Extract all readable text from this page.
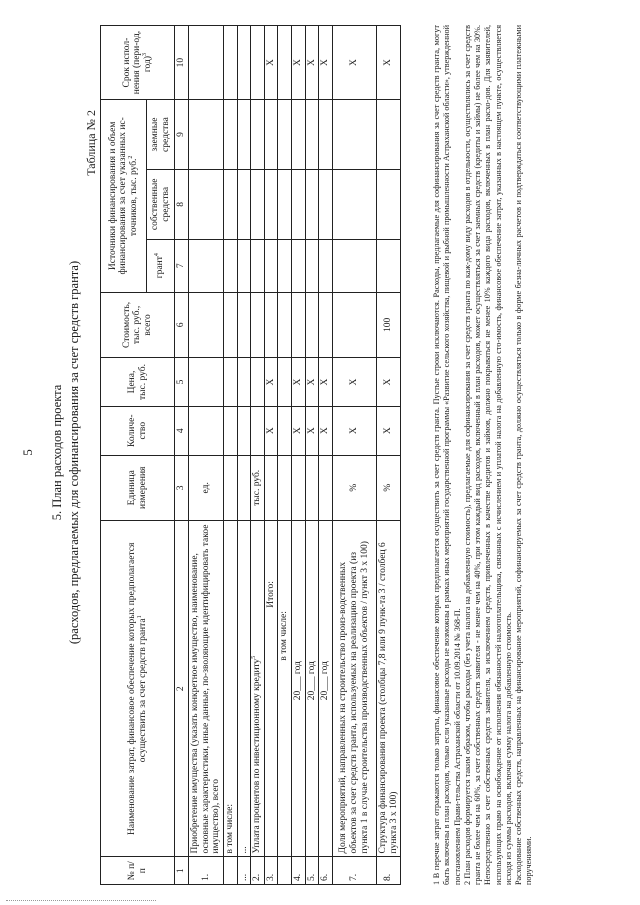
5 5. План расходов проекта (расходов, предлагаемых для софинансирования за счет средств гранта)
Таблица № 2
№ п/п	Наименование затрат, финансовое обеспечение которых предполагается осуществить за счет средств гранта$^1$	Единица измерения	Количе-ство	Цена, тыс. руб.	Стоимость, тыс. руб., всего	Источники финансирования и объем финансирования за счет указанных ис-точников, тыс. руб.$^2$			Срок испол-нения (пери-од, год)$^3$
						грант$^4$	собственные средства	заемные средства	
1	2	3	4	5	6	7	8	9	10
1.	Приобретение имущества (указать конкретное имущество, наименование, основные характеристики, иные данные, по-зволяющие идентифицировать такое имущество), всего	ед.							
	в том числе:								
...	...								
2.	Уплата процентов по инвестиционному кредиту$^5$	тыс. руб.							
3.	Итого:		X	X					X
	в том числе:								
4.	20___ год		X	X					X
5.	20___ год		X	X					X
6.	20___ год		X	X					X
7.	Доля мероприятий, направленных на строительство произ-водственных объектов за счет средств гранта, используемых на реализацию проекта (из пункта 1 в случае строительства производственных объектов / пункт 3 х 100)	%	X	X					X
8.	Структура финансирования проекта (столбцы 7,8 или 9 пунк-та 3 / столбец 6 пункта 3 х 100)	%	X	X	100				X	1 В перечне затрат отражаются только затраты, финансовое обеспечение которых предполагается осуществить за счет средств гранта. Пустые строки исключаются. Расходы, предлагаемые для софинансирования за счет средств гранта, могут быть включены в план расходов, только если указанные расходы не возможны в рамках иных мероприятий государственной программы «Развитие сельского хозяйства, пищевой и рыбной промышленности Астраханской области», утвержденной постановлением Прави-тельства Астраханской области от 10.09.2014 № 368-П. 2 План расходов формируется таким образом, чтобы расходы (без учета налога на добавленную стоимость), предлагаемые для софинансирования за счет средств гранта по каж-дому виду расходов в отдельности, осуществлялись за счет средств гранта не более чем на 60%, за счет собственных средств заявителя - не менее чем на 40%, при этом каждый вид расходов, включенный в план расходов, может осуществляться за счет заемных средств (кредиты и займы) не более чем на 30%. Непосредственно за счет собственных средств заявителя, за исключением средств, привлеченных в качестве кредитов и займов, должно покрываться не менее 10% каждого вида расходов, включенных в план расхо-дов. Для заявителей, использующих право на освобождение от исполнения обязанностей налогоплательщика, связанных с исчислением и уплатой налога на добавленную сто-имость, финансовое обеспечение затрат, указанных в настоящем пункте, осуществляется исходя из суммы расходов, включая сумму налога на добавленную стоимость. Расходование собственных средств, направленных на финансирование мероприятий, софинансируемых за счет средств гранта, должно осуществляться только в форме безна-личных расчетов и подтверждаться соответствующими платежными поручениями.
